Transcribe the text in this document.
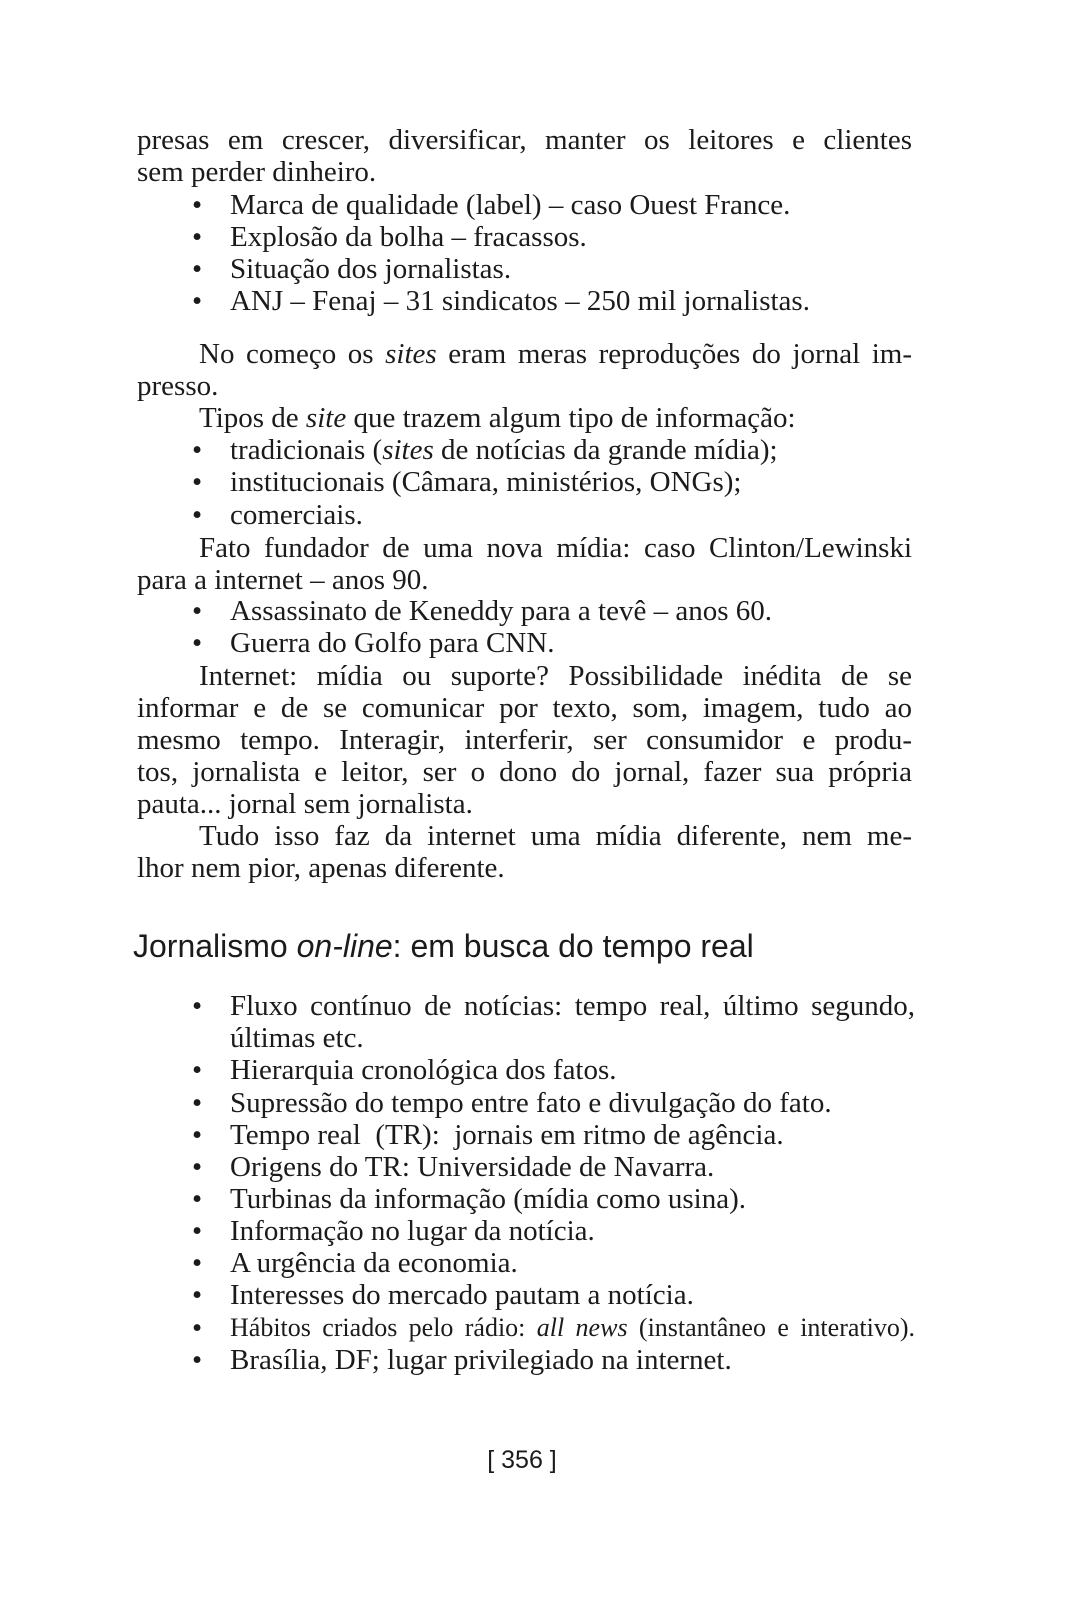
presas em crescer, diversificar, manter os leitores e clientes
sem perder dinheiro.
• Marca de qualidade (label) – caso Ouest France.
• Explosão da bolha – fracassos.
• Situação dos jornalistas.
• ANJ – Fenaj – 31 sindicatos – 250 mil jornalistas.
No começo os sites eram meras reproduções do jornal im-
presso.
Tipos de site que trazem algum tipo de informação:
• tradicionais (sites de notícias da grande mídia);
• institucionais (Câmara, ministérios, ONGs);
• comerciais.
Fato fundador de uma nova mídia: caso Clinton/Lewinski
para a internet – anos 90.
• Assassinato de Keneddy para a tevê – anos 60.
• Guerra do Golfo para CNN.
Internet: mídia ou suporte? Possibilidade inédita de se
informar e de se comunicar por texto, som, imagem, tudo ao
mesmo tempo. Interagir, interferir, ser consumidor e produ-
tos, jornalista e leitor, ser o dono do jornal, fazer sua própria
pauta... jornal sem jornalista.
Tudo isso faz da internet uma mídia diferente, nem me-
lhor nem pior, apenas diferente.
Jornalismo on-line: em busca do tempo real
• Fluxo contínuo de notícias: tempo real, último segundo,
últimas etc.
• Hierarquia cronológica dos fatos.
• Supressão do tempo entre fato e divulgação do fato.
• Tempo real  (TR):  jornais em ritmo de agência.
• Origens do TR: Universidade de Navarra.
• Turbinas da informação (mídia como usina).
• Informação no lugar da notícia.
• A urgência da economia.
• Interesses do mercado pautam a notícia.
• Hábitos criados pelo rádio: all news (instantâneo e interativo).
• Brasília, DF; lugar privilegiado na internet.
[ 356 ]
